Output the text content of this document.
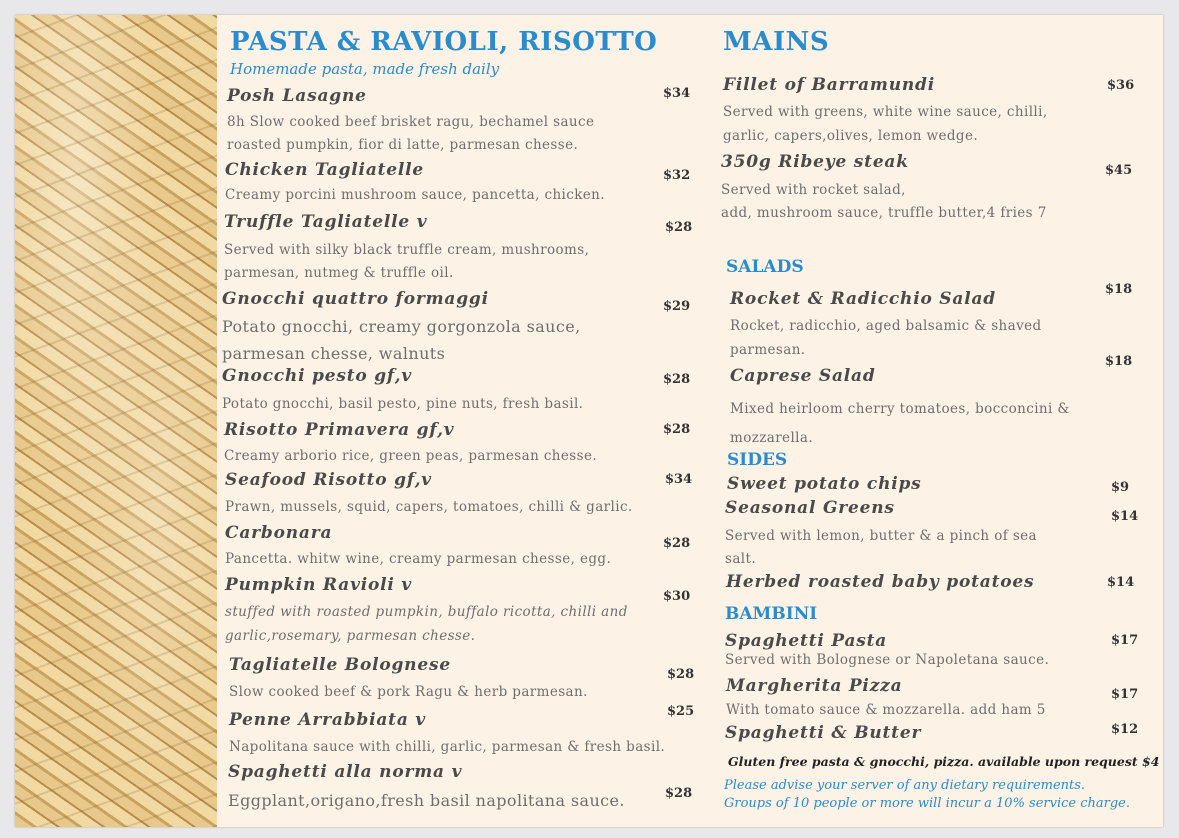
PASTA & RAVIOLI, RISOTTO
Homemade pasta, made fresh daily
Posh Lasagne	$34
8h Slow cooked beef brisket ragu, bechamel sauce
roasted pumpkin, fior di latte, parmesan chesse.
Chicken Tagliatelle	$32
Creamy porcini mushroom sauce, pancetta, chicken.
Truffle Tagliatelle v	$28
Served with silky black truffle cream, mushrooms,
parmesan, nutmeg & truffle oil.
Gnocchi quattro formaggi	$29
Potato gnocchi, creamy gorgonzola sauce,
parmesan chesse, walnuts
Gnocchi pesto gf,v	$28
Potato gnocchi, basil pesto, pine nuts, fresh basil.
Risotto Primavera gf,v	$28
Creamy arborio rice, green peas, parmesan chesse.
Seafood Risotto gf,v	$34
Prawn, mussels, squid, capers, tomatoes, chilli & garlic.
Carbonara
$28
Pancetta. whitw wine, creamy parmesan chesse, egg.
Pumpkin Ravioli v
$30
stuffed with roasted pumpkin, buffalo ricotta, chilli and
garlic,rosemary, parmesan chesse.
Tagliatelle Bolognese	$28
Slow cooked beef & pork Ragu & herb parmesan.
Penne Arrabbiata v	$25
Napolitana sauce with chilli, garlic, parmesan & fresh basil.
Spaghetti alla norma v
$28
Eggplant,origano,fresh basil napolitana sauce.
MAINS
Fillet of Barramundi	$36
Served with greens, white wine sauce, chilli,
garlic, capers,olives, lemon wedge.
350g Ribeye steak	$45
Served with rocket salad,
add, mushroom sauce, truffle butter,4 fries 7
SALADS
Rocket & Radicchio Salad	$18
Rocket, radicchio, aged balsamic & shaved
parmesan.
Caprese Salad
$18
Mixed heirloom cherry tomatoes, bocconcini &
mozzarella.
SIDES
Sweet potato chips	$9
Seasonal Greens	$14
Served with lemon, butter & a pinch of sea
salt.
Herbed roasted baby potatoes	$14
BAMBINI
Spaghetti Pasta	$17
Served with Bolognese or Napoletana sauce.
Margherita Pizza	$17
With tomato sauce & mozzarella. add ham 5
Spaghetti & Butter	$12
Gluten free pasta & gnocchi, pizza. available upon request $4
Please advise your server of any dietary requirements.
Groups of 10 people or more will incur a 10% service charge.
